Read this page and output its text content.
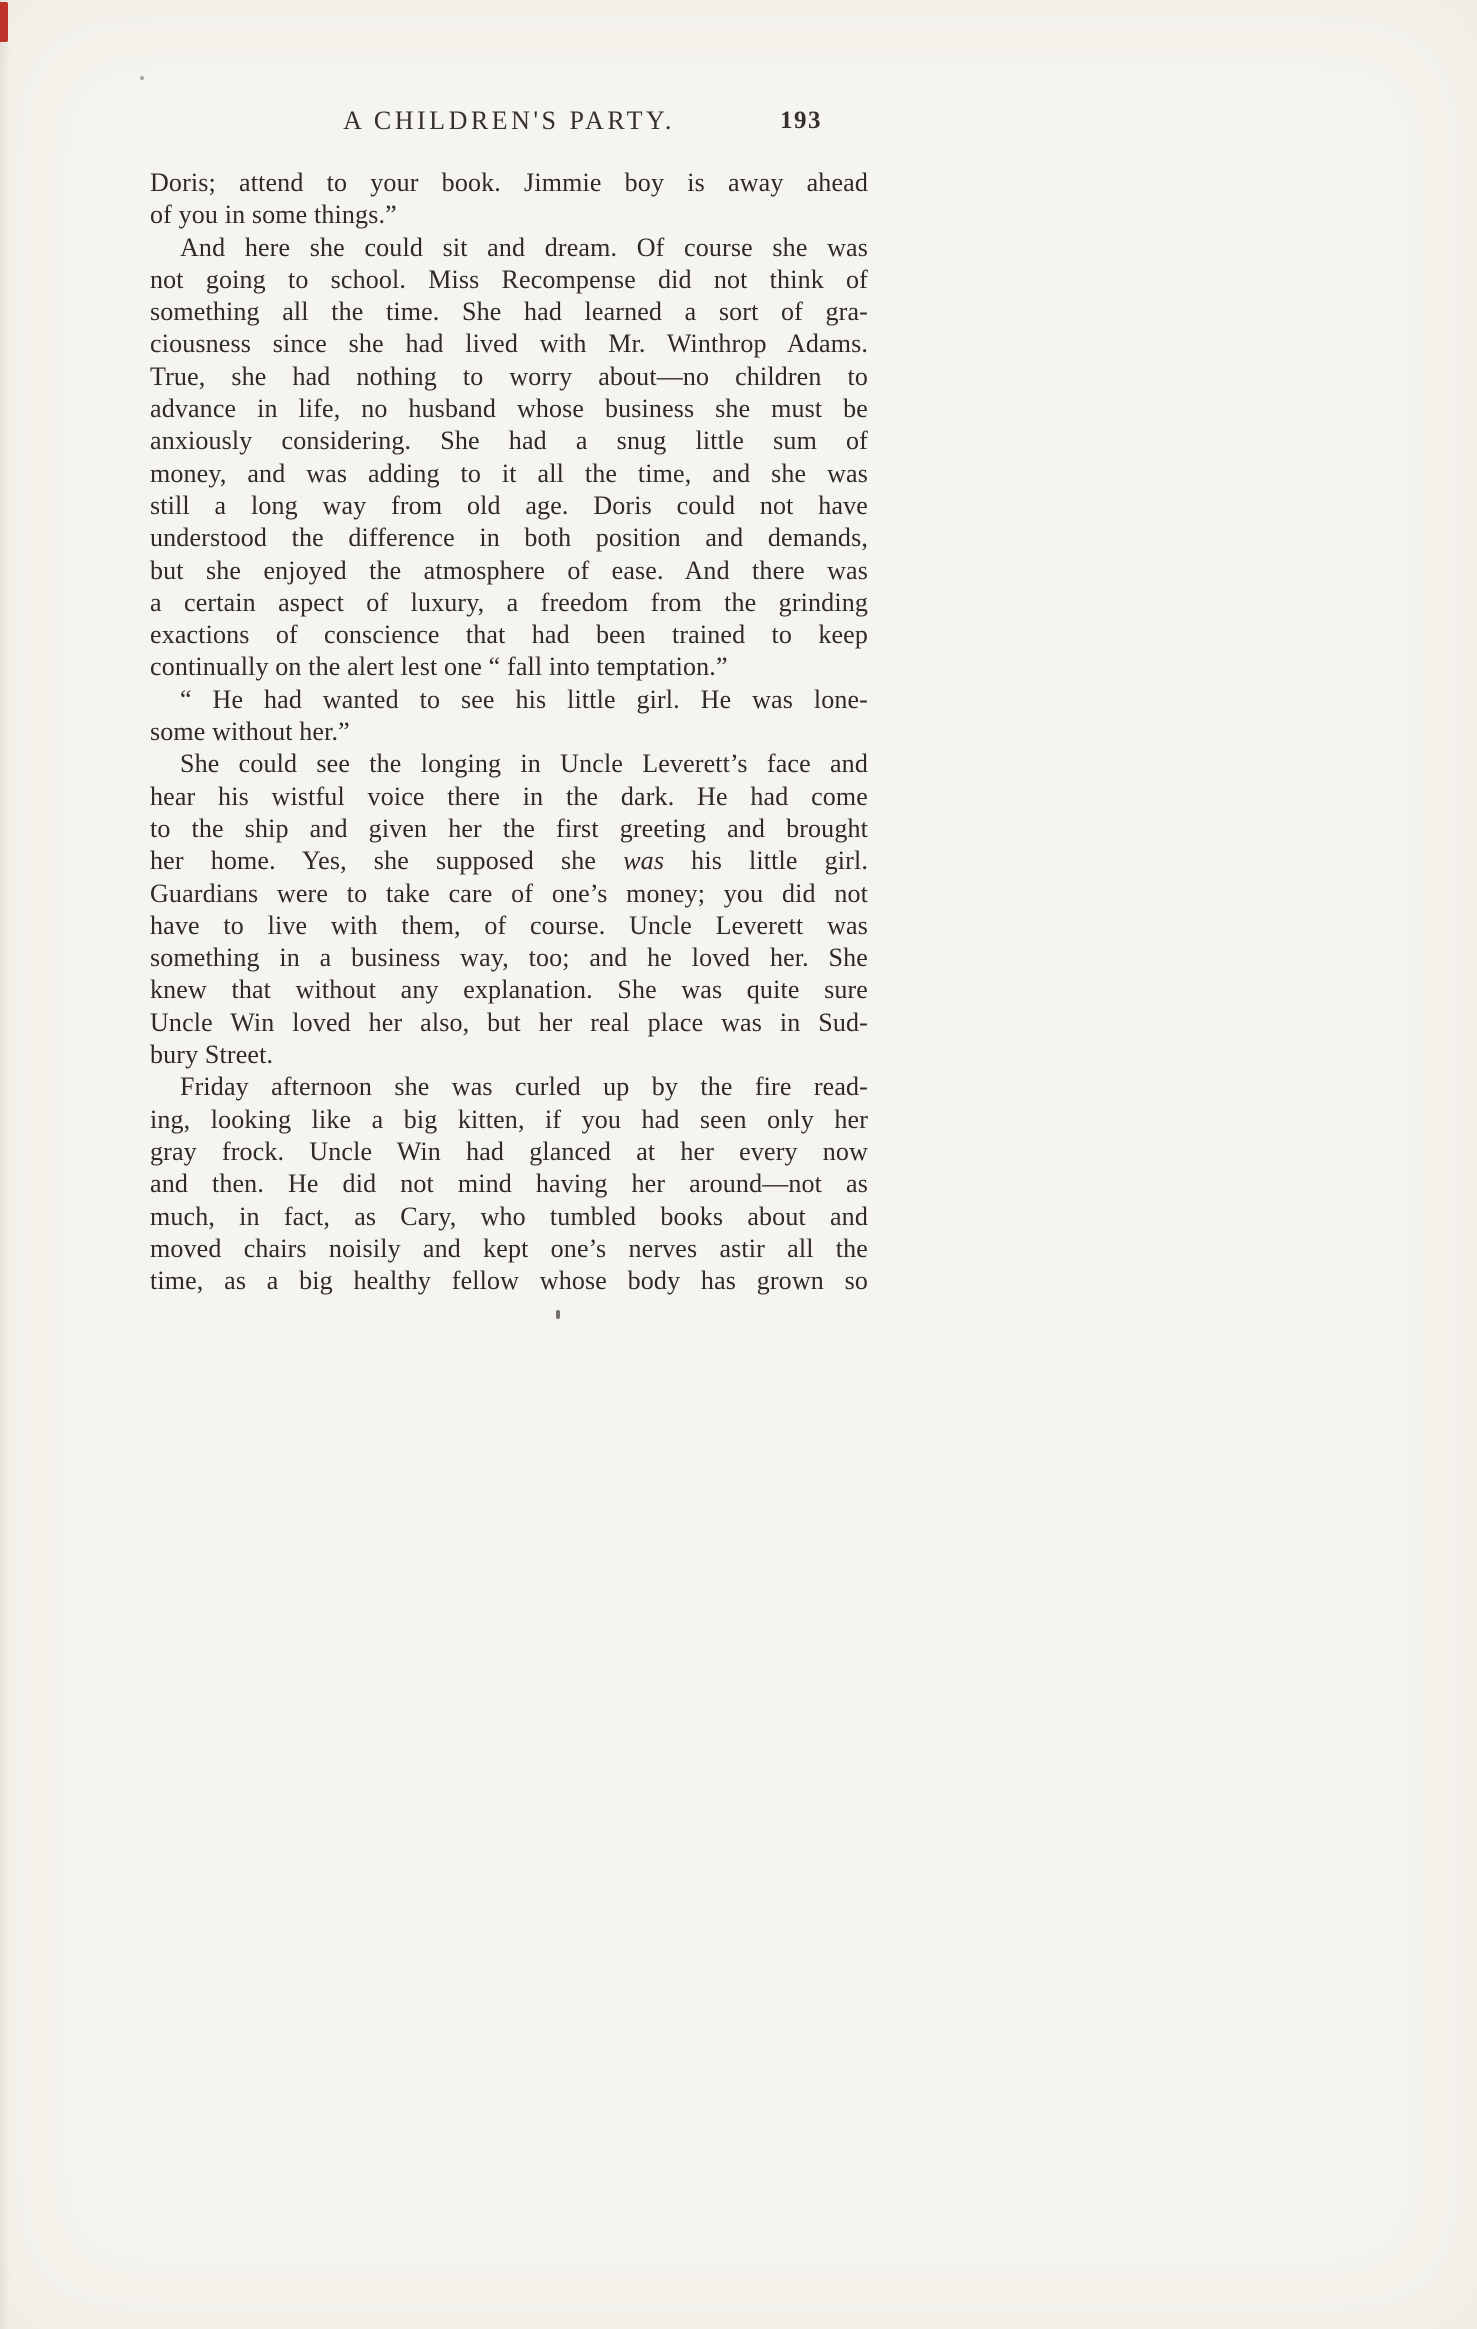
A CHILDREN'S PARTY.	193
Doris; attend to your book. Jimmie boy is away ahead
of you in some things.”
And here she could sit and dream. Of course she was
not going to school. Miss Recompense did not think of
something all the time. She had learned a sort of gra-
ciousness since she had lived with Mr. Winthrop Adams.
True, she had nothing to worry about—no children to
advance in life, no husband whose business she must be
anxiously considering. She had a snug little sum of
money, and was adding to it all the time, and she was
still a long way from old age. Doris could not have
understood the difference in both position and demands,
but she enjoyed the atmosphere of ease. And there was
a certain aspect of luxury, a freedom from the grinding
exactions of conscience that had been trained to keep
continually on the alert lest one “ fall into temptation.”
“ He had wanted to see his little girl. He was lone-
some without her.”
She could see the longing in Uncle Leverett’s face and
hear his wistful voice there in the dark. He had come
to the ship and given her the first greeting and brought
her home. Yes, she supposed she was his little girl.
Guardians were to take care of one’s money; you did not
have to live with them, of course. Uncle Leverett was
something in a business way, too; and he loved her. She
knew that without any explanation. She was quite sure
Uncle Win loved her also, but her real place was in Sud-
bury Street.
Friday afternoon she was curled up by the fire read-
ing, looking like a big kitten, if you had seen only her
gray frock. Uncle Win had glanced at her every now
and then. He did not mind having her around—not as
much, in fact, as Cary, who tumbled books about and
moved chairs noisily and kept one’s nerves astir all the
time, as a big healthy fellow whose body has grown so
